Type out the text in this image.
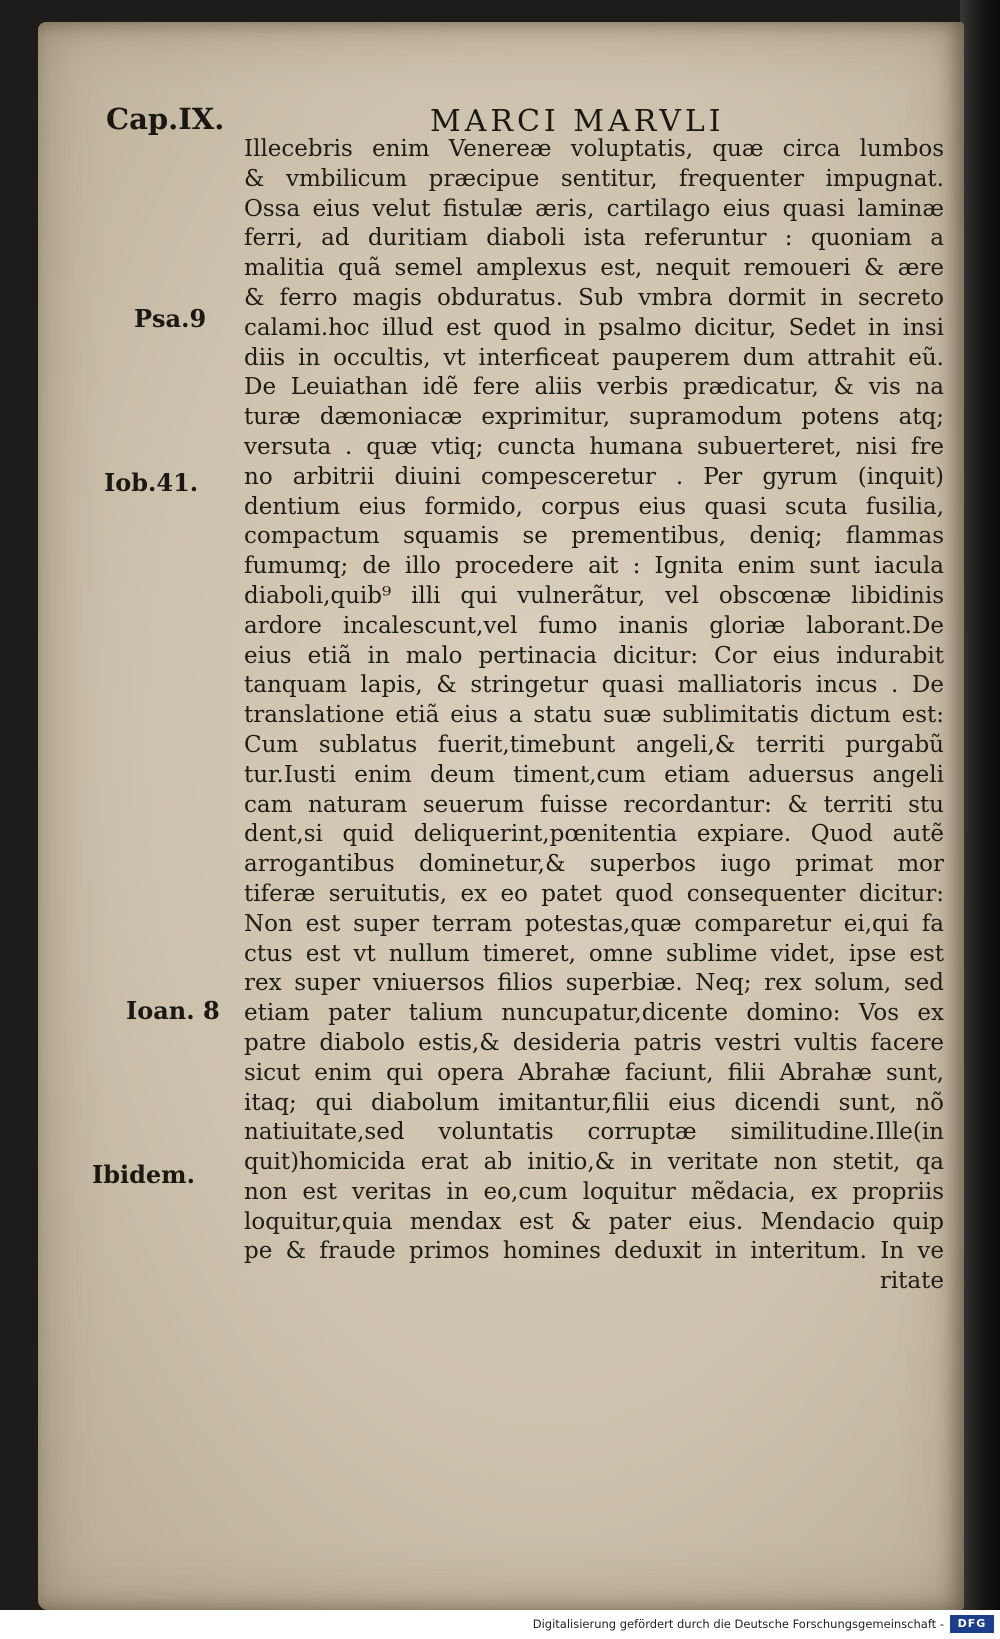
Cap.IX.	MARCI MARVLI
Psa.9
Iob.41.
Ioan. 8
Ibidem.
Illecebris enim Venereæ voluptatis, quæ circa lumbos
& vmbilicum præcipue sentitur, frequenter impugnat.
Ossa eius velut fistulæ æris, cartilago eius quasi laminæ
ferri, ad duritiam diaboli ista referuntur : quoniam a
malitia quã semel amplexus est, nequit remoueri & ære
& ferro magis obduratus. Sub vmbra dormit in secreto
calami.hoc illud est quod in psalmo dicitur, Sedet in insi
diis in occultis, vt interficeat pauperem dum attrahit eũ.
De Leuiathan idẽ fere aliis verbis prædicatur, & vis na
turæ dæmoniacæ exprimitur, supramodum potens atq;
versuta . quæ vtiq; cuncta humana subuerteret, nisi fre
no arbitrii diuini compesceretur . Per gyrum (inquit)
dentium eius formido, corpus eius quasi scuta fusilia,
compactum squamis se prementibus, deniq; flammas
fumumq; de illo procedere ait : Ignita enim sunt iacula
diaboli,quib⁹ illi qui vulnerãtur, vel obscœnæ libidinis
ardore incalescunt,vel fumo inanis gloriæ laborant.De
eius etiã in malo pertinacia dicitur: Cor eius indurabit
tanquam lapis, & stringetur quasi malliatoris incus . De
translatione etiã eius a statu suæ sublimitatis dictum est:
Cum sublatus fuerit,timebunt angeli,& territi purgabũ
tur.Iusti enim deum timent,cum etiam aduersus angeli
cam naturam seuerum fuisse recordantur: & territi stu
dent,si quid deliquerint,pœnitentia expiare. Quod autẽ
arrogantibus dominetur,& superbos iugo primat mor
tiferæ seruitutis, ex eo patet quod consequenter dicitur:
Non est super terram potestas,quæ comparetur ei,qui fa
ctus est vt nullum timeret, omne sublime videt, ipse est
rex super vniuersos filios superbiæ. Neq; rex solum, sed
etiam pater talium nuncupatur,dicente domino: Vos ex
patre diabolo estis,& desideria patris vestri vultis facere
sicut enim qui opera Abrahæ faciunt, filii Abrahæ sunt,
itaq; qui diabolum imitantur,filii eius dicendi sunt, nõ
natiuitate,sed voluntatis corruptæ similitudine.Ille(in
quit)homicida erat ab initio,& in veritate non stetit, qa
non est veritas in eo,cum loquitur mẽdacia, ex propriis
loquitur,quia mendax est & pater eius. Mendacio quip
pe & fraude primos homines deduxit in interitum. In ve
ritate
Digitalisierung gefördert durch die Deutsche Forschungsgemeinschaft -	DFG
